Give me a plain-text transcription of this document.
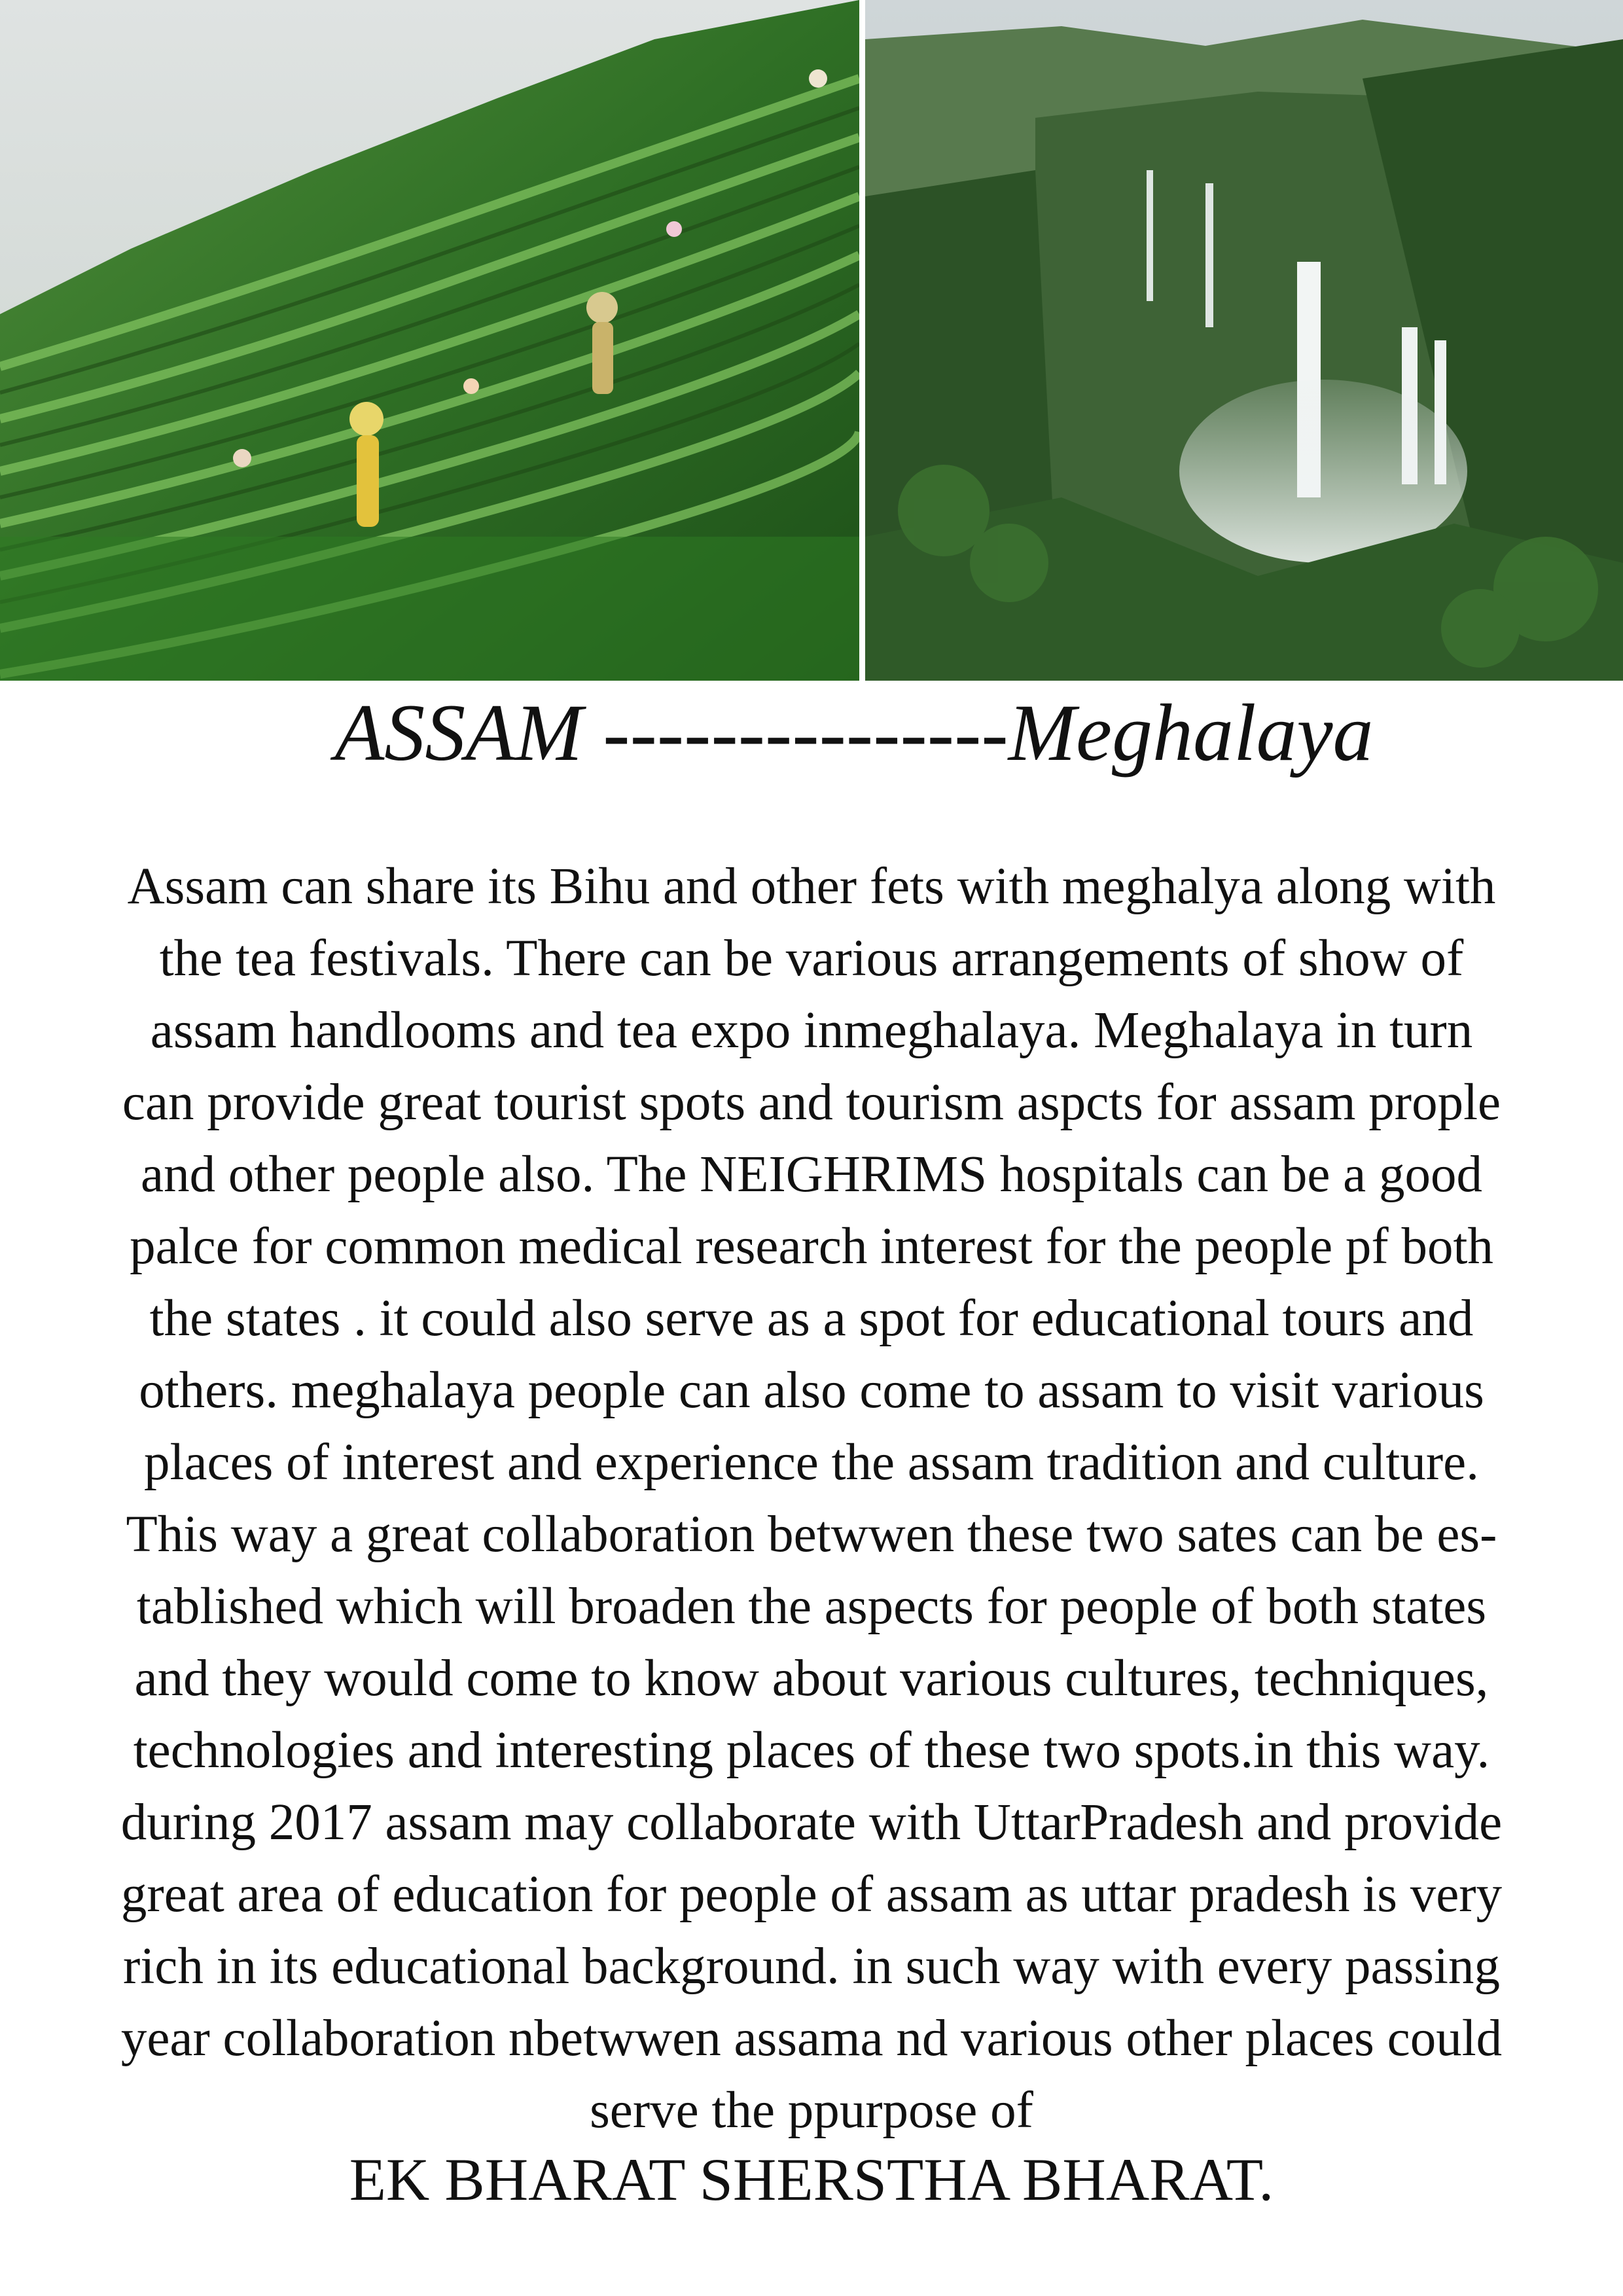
ASSAM ---------------Meghalaya
Assam can share its Bihu and other fets with meghalya along with
the tea festivals. There can be various arrangements of show of
assam handlooms and tea expo inmeghalaya. Meghalaya in turn
can provide great tourist spots and tourism aspcts for assam prople
and other people also. The NEIGHRIMS hospitals can be a good
palce for common medical research interest for the people pf both
the states . it could also serve as a spot for educational tours and
others. meghalaya people can also come to assam to visit various
places of interest and experience the assam tradition and culture.
This way a great collaboration betwwen these two sates can be es-
tablished which will broaden the aspects for people of both states
and they would come to know about various cultures, techniques,
technologies and interesting places of these two spots.in this way.
during 2017 assam may collaborate with UttarPradesh and provide
great area of education for people of assam as uttar pradesh is very
rich in its educational background. in such way with every passing
year collaboration nbetwwen assama nd various other places could
serve the ppurpose of
EK BHARAT SHERSTHA BHARAT.
